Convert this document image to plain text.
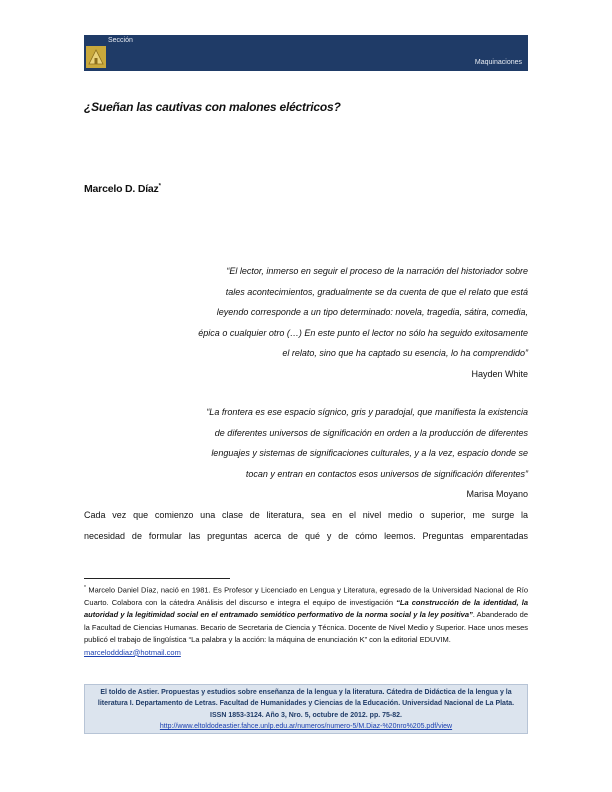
Sección
Maquinaciones
¿Sueñan las cautivas con malones eléctricos?
Marcelo D. Díaz*
“El lector, inmerso en seguir el proceso de la narración del historiador sobre
tales acontecimientos, gradualmente se da cuenta de que el relato que está
leyendo corresponde a un tipo determinado: novela, tragedia, sátira, comedia,
épica o cualquier otro (…) En este punto el lector no sólo ha seguido exitosamente
el relato, sino que ha captado su esencia, lo ha comprendido”
Hayden White
“La frontera es ese espacio sígnico, gris y paradojal, que manifiesta la existencia
de diferentes universos de significación en orden a la producción de diferentes
lenguajes y sistemas de significaciones culturales, y a la vez, espacio donde se
tocan y entran en contactos esos universos de significación diferentes”
Marisa Moyano
Cada vez que comienzo una clase de literatura, sea en el nivel medio o superior, me surge la
necesidad de formular las preguntas acerca de qué y de cómo leemos. Preguntas emparentadas
* Marcelo Daniel Díaz, nació en 1981. Es Profesor y Licenciado en Lengua y Literatura, egresado de la Universidad Nacional de Río Cuarto. Colabora con la cátedra Análisis del discurso e integra el equipo de investigación “La construcción de la identidad, la autoridad y la legitimidad social en el entramado semiótico performativo de la norma social y la ley positiva”. Abanderado de la Facultad de Ciencias Humanas. Becario de Secretaria de Ciencia y Técnica. Docente de Nivel Medio y Superior. Hace unos meses publicó el trabajo de lingüística “La palabra y la acción: la máquina de enunciación K” con la editorial EDUVIM.
marcelodddiaz@hotmail.com
El toldo de Astier. Propuestas y estudios sobre enseñanza de la lengua y la literatura. Cátedra de Didáctica de la lengua y la literatura I. Departamento de Letras. Facultad de Humanidades y Ciencias de la Educación. Universidad Nacional de La Plata. ISSN 1853-3124. Año 3, Nro. 5, octubre de 2012. pp. 75-82.
http://www.eltoldodeastier.fahce.unlp.edu.ar/numeros/numero-5/M.Diaz-%20nro%205.pdf/view
